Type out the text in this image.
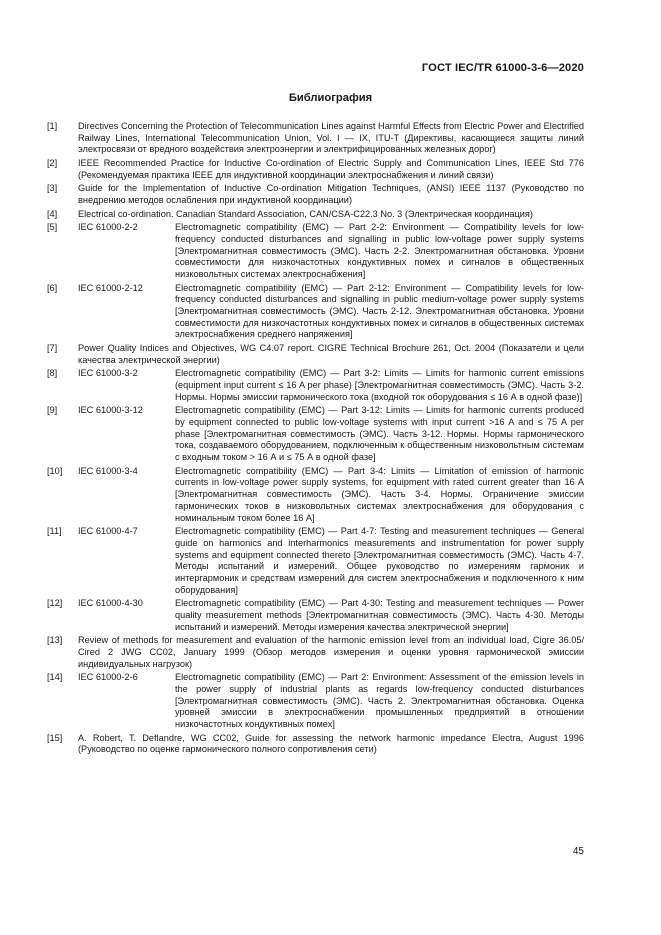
ГОСТ IEC/TR 61000-3-6—2020
Библиография
[1]	Directives Concerning the Protection of Telecommunication Lines against Harmful Effects from Electric Power and Electrified Railway Lines, International Telecommunication Union, Vol. I — IX, ITU-T (Директивы, касающиеся защиты линий электросвязи от вредного воздействия электроэнергии и электрифицированных железных дорог)
[2]	IEEE Recommended Practice for Inductive Co-ordination of Electric Supply and Communication Lines, IEEE Std 776 (Рекомендуемая практика IEEE для индуктивной координации электроснабжения и линий связи)
[3]	Guide for the Implementation of Inductive Co-ordination Mitigation Techniques, (ANSI) IEEE 1137 (Руководство по внедрению методов ослабления при индуктивной координации)
[4]	Electrical co-ordination. Canadian Standard Association, CAN/CSA-C22.3 No. 3 (Электрическая координация)
[5]	IEC 61000-2-2	Electromagnetic compatibility (EMC) — Part 2-2: Environment — Compatibility levels for low-frequency conducted disturbances and signalling in public low-voltage power supply systems [Электромагнитная совместимость (ЭМС). Часть 2-2. Электромагнитная обстановка. Уровни совместимости для низкочастотных кондуктивных помех и сигналов в общественных низковольтных системах электроснабжения]
[6]	IEC 61000-2-12	Electromagnetic compatibility (EMC) — Part 2-12: Environment — Compatibility levels for low-frequency conducted disturbances and signalling in public medium-voltage power supply systems [Электромагнитная совместимость (ЭМС). Часть 2-12. Электромагнитная обстановка. Уровни совместимости для низкочастотных кондуктивных помех и сигналов в общественных системах электроснабжения среднего напряжения]
[7]	Power Quality Indices and Objectives, WG C4.07 report. CIGRE Technical Brochure 261, Oct. 2004 (Показатели и цели качества электрической энергии)
[8]	IEC 61000-3-2	Electromagnetic compatibility (EMC) — Part 3-2: Limits — Limits for harmonic current emissions (equipment input current ≤ 16 A per phase) [Электромагнитная совместимость (ЭМС). Часть 3-2. Нормы. Нормы эмиссии гармонического тока (входной ток оборудования ≤ 16 А в одной фазе)]
[9]	IEC 61000-3-12	Electromagnetic compatibility (EMC) — Part 3-12: Limits — Limits for harmonic currents produced by equipment connected to public low-voltage systems with input current >16 A and ≤ 75 A per phase [Электромагнитная совместимость (ЭМС). Часть 3-12. Нормы. Нормы гармонического тока, создаваемого оборудованием, подключенным к общественным низковольтным системам с входным током > 16 А и ≤ 75 А в одной фазе]
[10]	IEC 61000-3-4	Electromagnetic compatibility (EMC) — Part 3-4: Limits — Limitation of emission of harmonic currents in low-voltage power supply systems, for equipment with rated current greater than 16 A [Электромагнитная совместимость (ЭМС). Часть 3-4. Нормы. Ограничение эмиссии гармонических токов в низковольтных системах электроснабжения для оборудования с номинальным током более 16 А]
[11]	IEC 61000-4-7	Electromagnetic compatibility (EMC) — Part 4-7: Testing and measurement techniques — General guide on harmonics and interharmonics measurements and instrumentation for power supply systems and equipment connected thereto [Электромагнитная совместимость (ЭМС). Часть 4-7. Методы испытаний и измерений. Общее руководство по измерениям гармоник и интергармоник и средствам измерений для систем электроснабжения и подключенного к ним оборудования]
[12]	IEC 61000-4-30	Electromagnetic compatibility (EMC) — Part 4-30: Testing and measurement techniques — Power quality measurement methods [Электромагнитная совместимость (ЭМС). Часть 4-30. Методы испытаний и измерений. Методы измерения качества электрической энергии]
[13]	Review of methods for measurement and evaluation of the harmonic emission level from an individual load, Cigre 36.05/ Cired 2 JWG CC02, January 1999 (Обзор методов измерения и оценки уровня гармонической эмиссии индивидуальных нагрузок)
[14]	IEC 61000-2-6	Electromagnetic compatibility (EMC) — Part 2: Environment: Assessment of the emission levels in the power supply of industrial plants as regards low-frequency conducted disturbances [Электромагнитная совместимость (ЭМС). Часть 2. Электромагнитная обстановка. Оценка уровней эмиссии в электроснабжении промышленных предприятий в отношении низкочастотных кондуктивных помех]
[15]	A. Robert, T. Deflandre, WG CC02, Guide for assessing the network harmonic impedance Electra, August 1996 (Руководство по оценке гармонического полного сопротивления сети)
45
